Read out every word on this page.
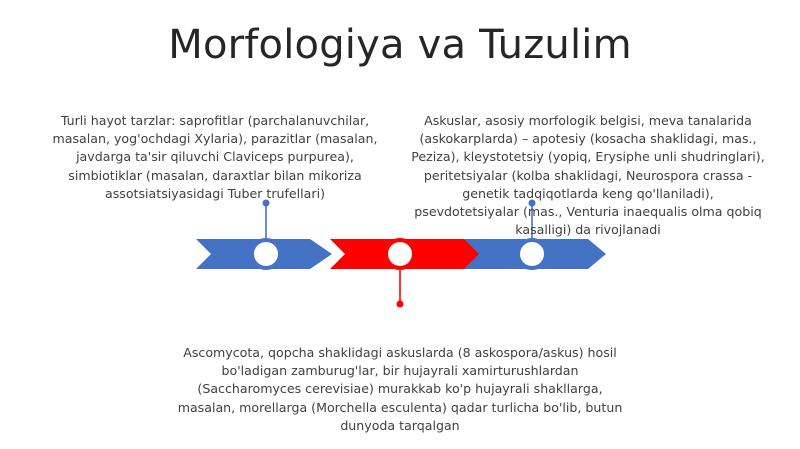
Morfologiya va Tuzulim
Turli hayot tarzlar: saprofitlar (parchalanuvchilar, masalan, yog'ochdagi Xylaria), parazitlar (masalan, javdarga ta'sir qiluvchi Claviceps purpurea), simbiotiklar (masalan, daraxtlar bilan mikoriza assotsiatsiyasidagi Tuber trufellari)
Askuslar, asosiy morfologik belgisi, meva tanalarida (askokarplarda) – apotesiy (kosacha shaklidagi, mas., Peziza), kleystotetsiy (yopiq, Erysiphe unli shudringlari), peritetsiyalar (kolba shaklidagi, Neurospora crassa - genetik tadqiqotlarda keng qo'llaniladi), psevdotetsiyalar (mas., Venturia inaequalis olma qobiq kasalligi) da rivojlanadi
Ascomycota, qopcha shaklidagi askuslarda (8 askospora/askus) hosil bo'ladigan zamburug'lar, bir hujayrali xamirturushlardan (Saccharomyces cerevisiae) murakkab ko'p hujayrali shakllarga, masalan, morellarga (Morchella esculenta) qadar turlicha bo'lib, butun dunyoda tarqalgan
